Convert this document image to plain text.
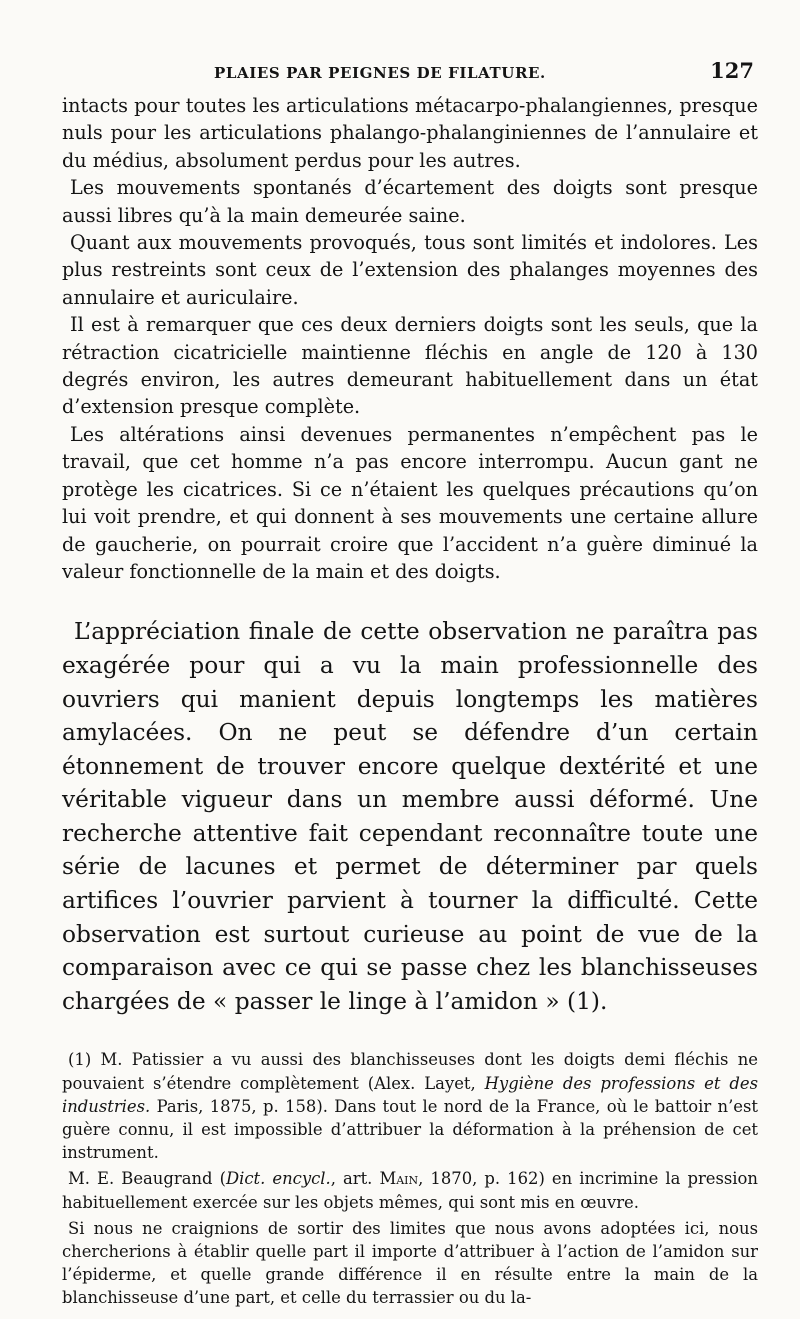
PLAIES PAR PEIGNES DE FILATURE.	127

intacts pour toutes les articulations métacarpo-phalangiennes, presque nuls pour les articulations phalango-phalanginiennes de l’annulaire et du médius, absolument perdus pour les autres.

Les mouvements spontanés d’écartement des doigts sont presque aussi libres qu’à la main demeurée saine.

Quant aux mouvements provoqués, tous sont limités et indolores. Les plus restreints sont ceux de l’extension des phalanges moyennes des annulaire et auriculaire.

Il est à remarquer que ces deux derniers doigts sont les seuls, que la rétraction cicatricielle maintienne fléchis en angle de 120 à 130 degrés environ, les autres demeurant habituellement dans un état d’extension presque complète.

Les altérations ainsi devenues permanentes n’empêchent pas le travail, que cet homme n’a pas encore interrompu. Aucun gant ne protège les cicatrices. Si ce n’étaient les quelques précautions qu’on lui voit prendre, et qui donnent à ses mouvements une certaine allure de gaucherie, on pourrait croire que l’accident n’a guère diminué la valeur fonctionnelle de la main et des doigts.

L’appréciation finale de cette observation ne paraîtra pas exagérée pour qui a vu la main professionnelle des ouvriers qui manient depuis longtemps les matières amylacées. On ne peut se défendre d’un certain étonnement de trouver encore quelque dextérité et une véritable vigueur dans un membre aussi déformé. Une recherche attentive fait cependant reconnaître toute une série de lacunes et permet de déterminer par quels artifices l’ouvrier parvient à tourner la difficulté. Cette observation est surtout curieuse au point de vue de la comparaison avec ce qui se passe chez les blanchisseuses chargées de « passer le linge à l’amidon » (1).

(1) M. Patissier a vu aussi des blanchisseuses dont les doigts demi fléchis ne pouvaient s’étendre complètement (Alex. Layet, Hygiène des professions et des industries. Paris, 1875, p. 158). Dans tout le nord de la France, où le battoir n’est guère connu, il est impossible d’attribuer la déformation à la préhension de cet instrument.

M. E. Beaugrand (Dict. encycl., art. Main, 1870, p. 162) en incrimine la pression habituellement exercée sur les objets mêmes, qui sont mis en œuvre.

Si nous ne craignions de sortir des limites que nous avons adoptées ici, nous chercherions à établir quelle part il importe d’attribuer à l’action de l’amidon sur l’épiderme, et quelle grande différence il en résulte entre la main de la blanchisseuse d’une part, et celle du terrassier ou du la-
